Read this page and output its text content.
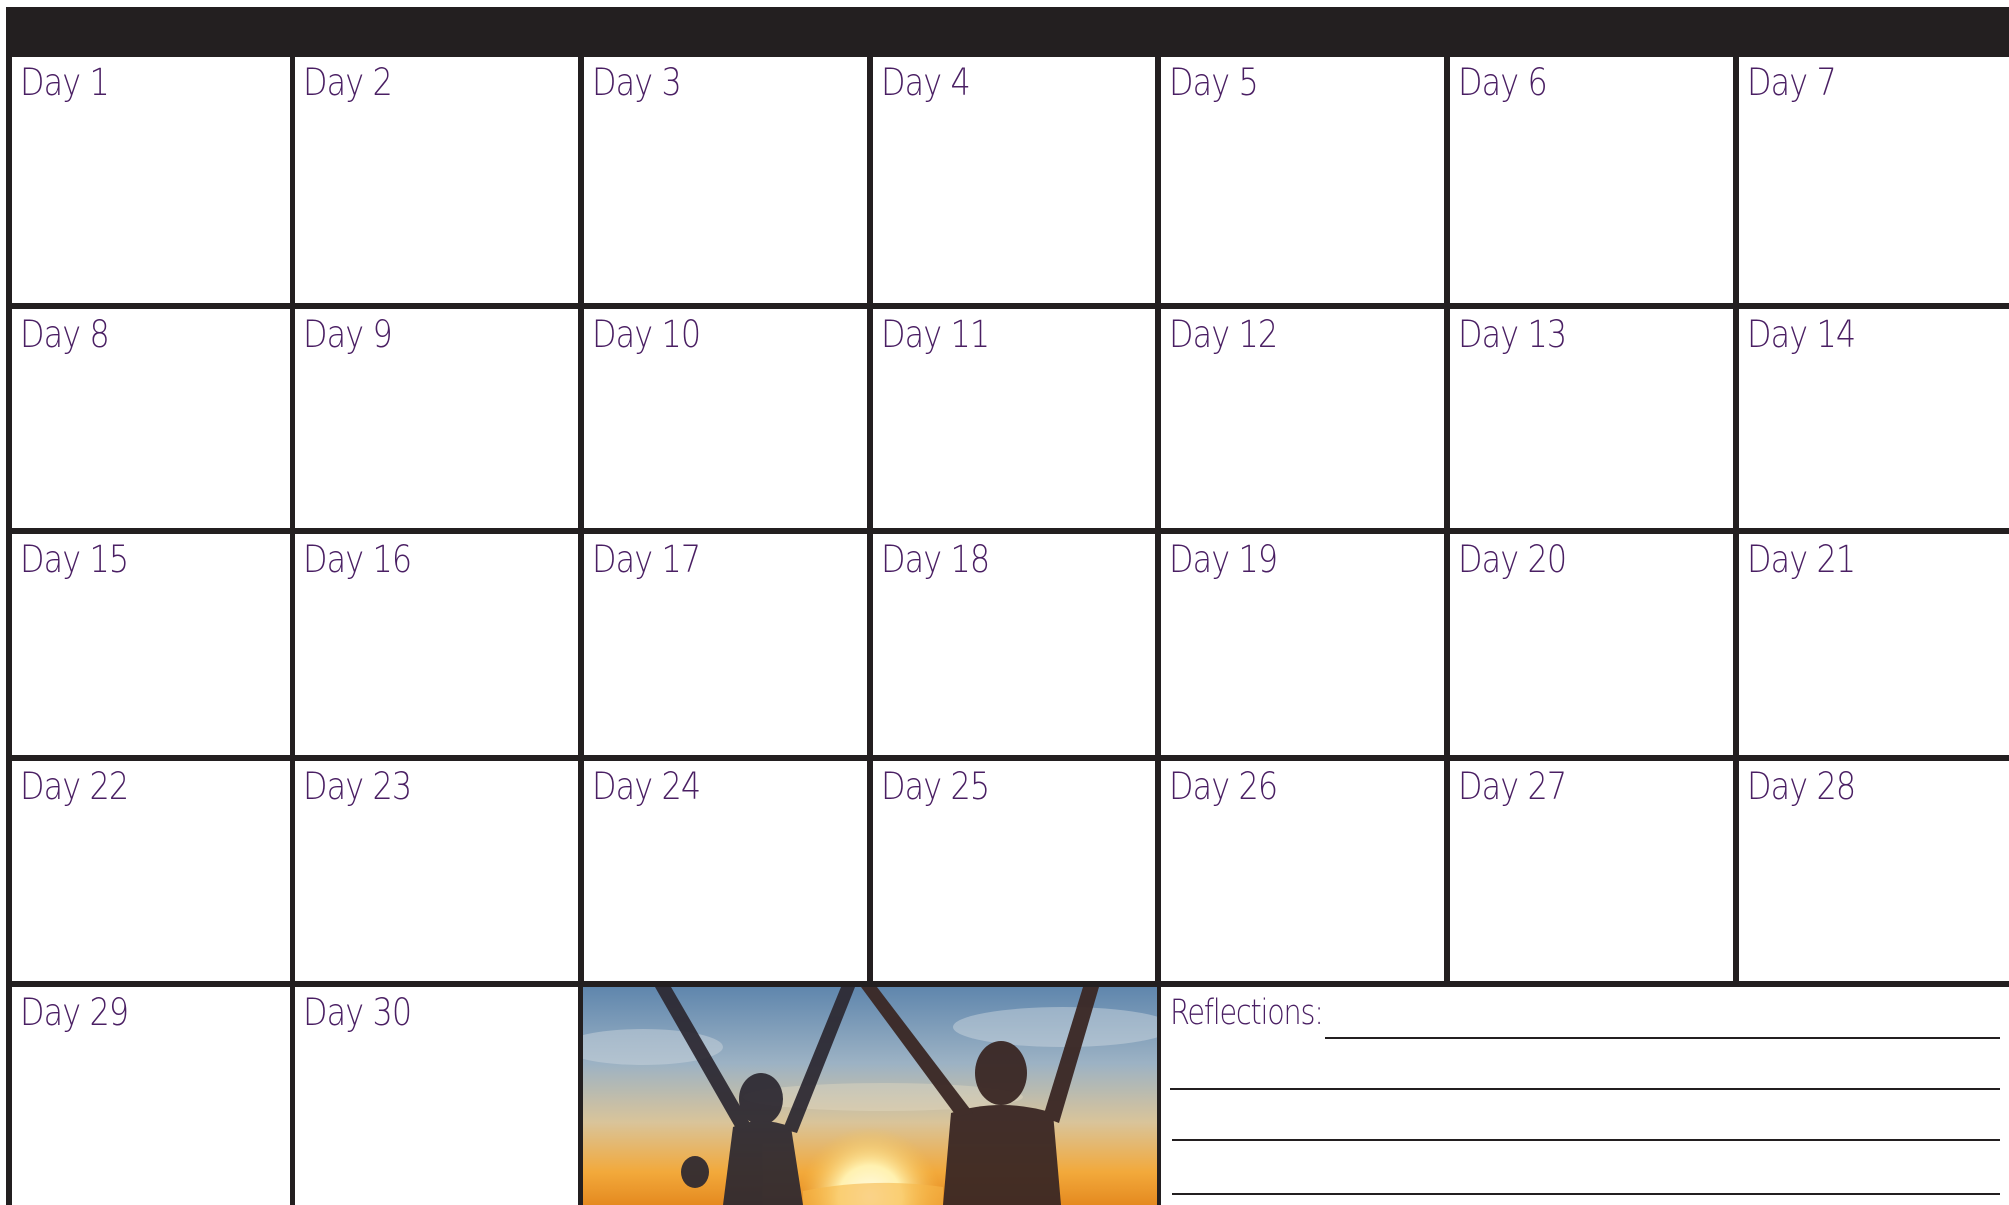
Day 1	Day 2	Day 3	Day 4	Day 5	Day 6	Day 7
Day 8	Day 9	Day 10	Day 11	Day 12	Day 13	Day 14
Day 15	Day 16	Day 17	Day 18	Day 19	Day 20	Day 21
Day 22	Day 23	Day 24	Day 25	Day 26	Day 27	Day 28
Day 29	Day 30	Reflections:
